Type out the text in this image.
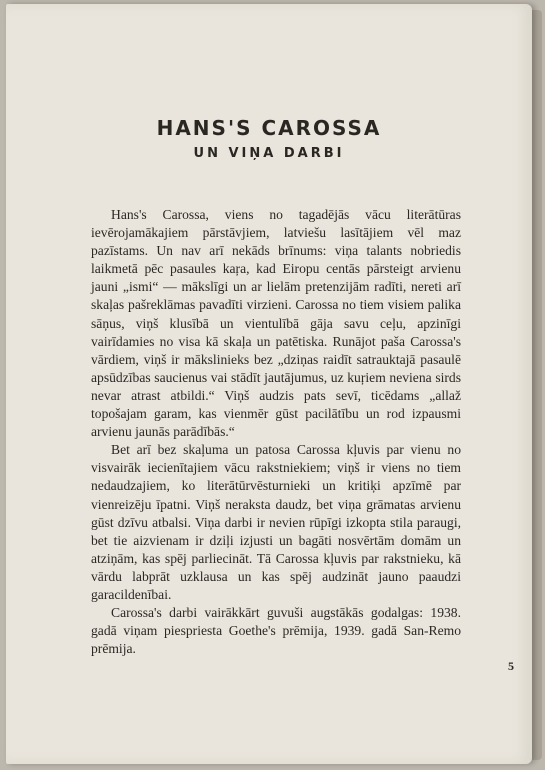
HANS'S CAROSSA
UN VIŅA DARBI

Hans's Carossa, viens no tagadējās vācu literātūras ievērojamākajiem pārstāvjiem, latviešu lasītājiem vēl maz pazīstams. Un nav arī nekāds brīnums: viņa talants nobriedis laikmetā pēc pasaules kaŗa, kad Eiropu centās pārsteigt arvienu jauni „ismi“ — mākslīgi un ar lielām pretenzijām radīti, nereti arī skaļas pašreklāmas pavadīti virzieni. Carossa no tiem visiem palika sāņus, viņš klusībā un vientulībā gāja savu ceļu, apzinīgi vairīdamies no visa kā skaļa un patētiska. Runājot paša Carossa's vārdiem, viņš ir mākslinieks bez „dziņas raidīt satrauktajā pasaulē apsūdzības saucienus vai stādīt jautājumus, uz kuŗiem neviena sirds nevar atrast atbildi.“ Viņš audzis pats sevī, ticēdams „allaž topošajam garam, kas vienmēr gūst pacilātību un rod izpausmi arvienu jaunās parādībās.“

Bet arī bez skaļuma un patosa Carossa kļuvis par vienu no visvairāk iecienītajiem vācu rakstniekiem; viņš ir viens no tiem nedaudzajiem, ko literātūrvēsturnieki un kritiķi apzīmē par vienreizēju īpatni. Viņš neraksta daudz, bet viņa grāmatas arvienu gūst dzīvu atbalsi. Viņa darbi ir nevien rūpīgi izkopta stila paraugi, bet tie aizvienam ir dziļi izjusti un bagāti nosvērtām domām un atziņām, kas spēj parliecināt. Tā Carossa kļuvis par rakstnieku, kā vārdu labprāt uzklausa un kas spēj audzināt jauno paaudzi garacildenībai.

Carossa's darbi vairākkārt guvuši augstākās godalgas: 1938. gadā viņam piespriesta Goethe's prēmija, 1939. gadā San-Remo prēmija.

5
